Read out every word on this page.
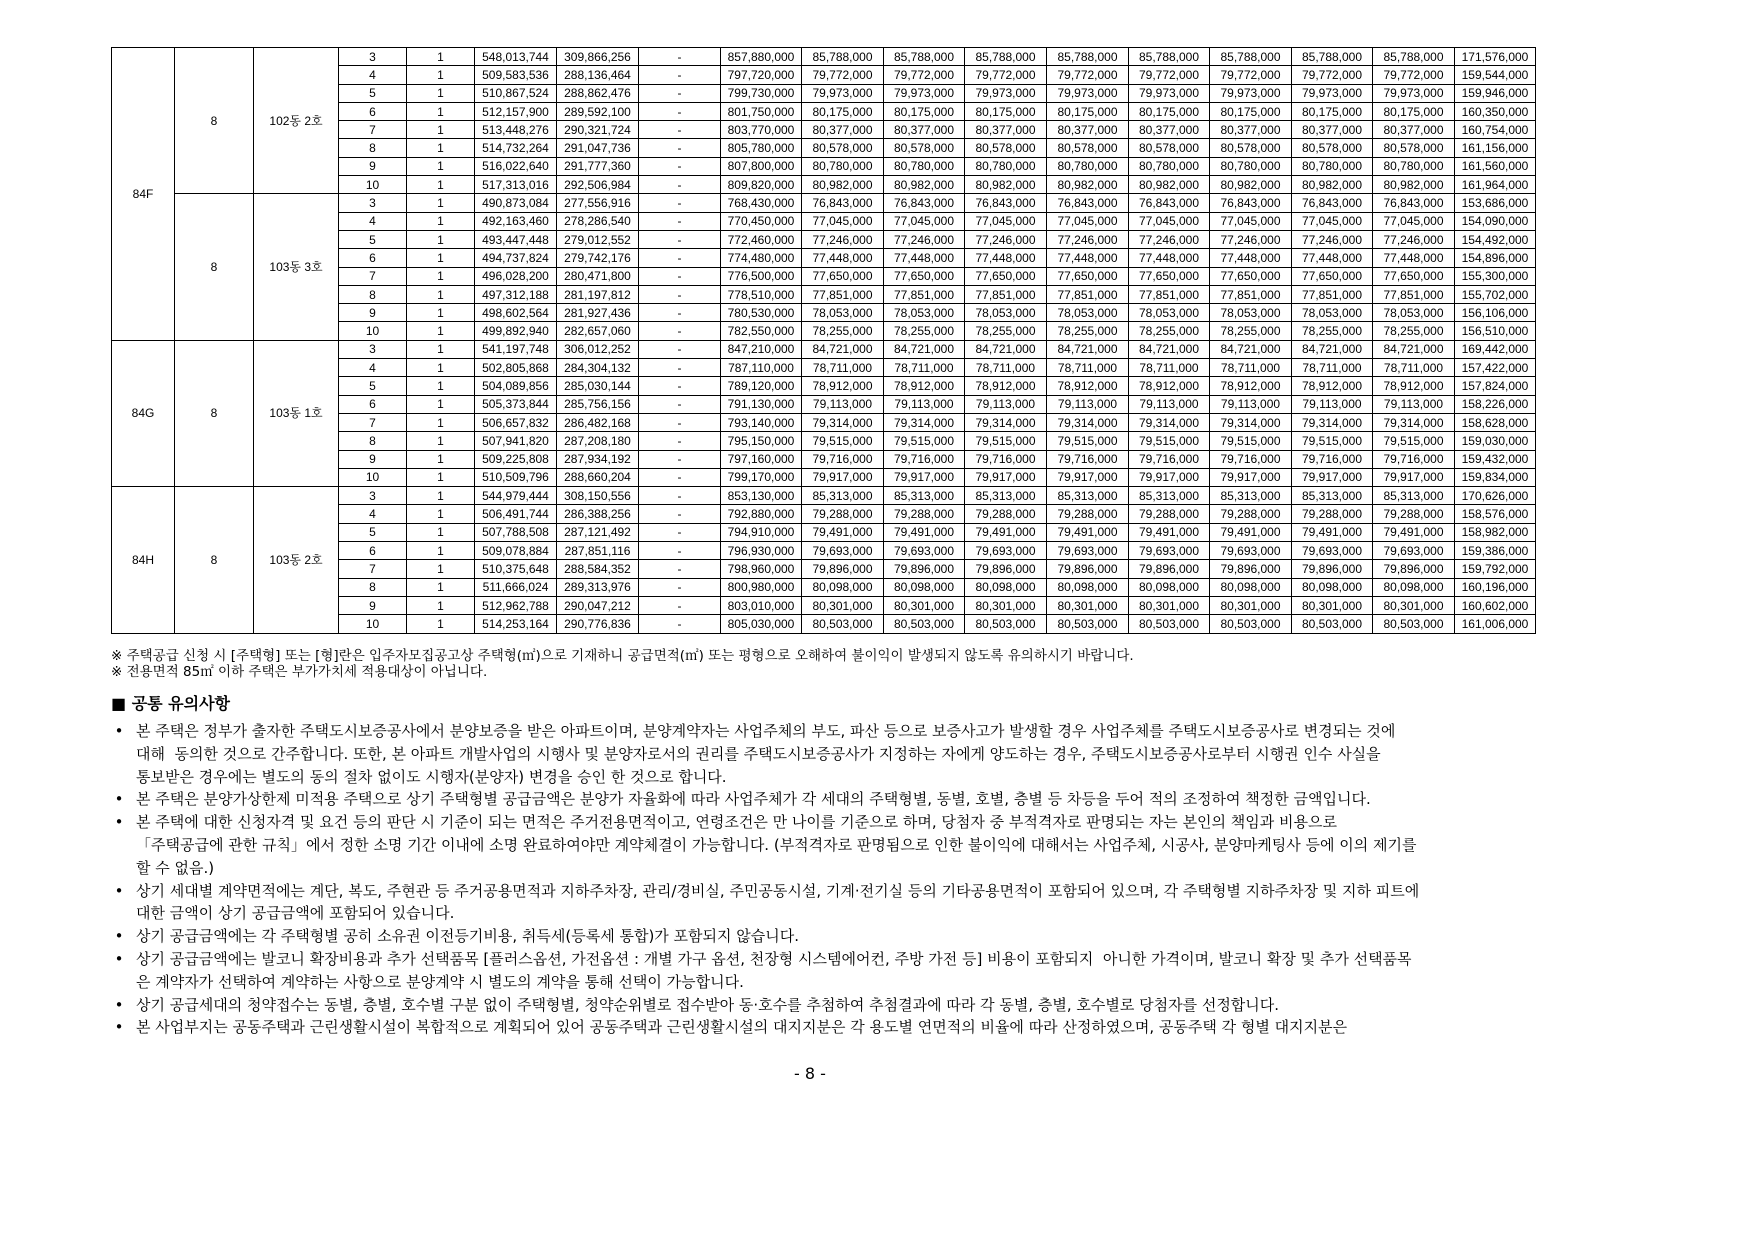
84F	8	102동 2호	3	1	548,013,744	309,866,256	-	857,880,000	85,788,000	85,788,000	85,788,000	85,788,000	85,788,000	85,788,000	85,788,000	85,788,000	171,576,000
			4	1	509,583,536	288,136,464	-	797,720,000	79,772,000	79,772,000	79,772,000	79,772,000	79,772,000	79,772,000	79,772,000	79,772,000	159,544,000
			5	1	510,867,524	288,862,476	-	799,730,000	79,973,000	79,973,000	79,973,000	79,973,000	79,973,000	79,973,000	79,973,000	79,973,000	159,946,000
			6	1	512,157,900	289,592,100	-	801,750,000	80,175,000	80,175,000	80,175,000	80,175,000	80,175,000	80,175,000	80,175,000	80,175,000	160,350,000
			7	1	513,448,276	290,321,724	-	803,770,000	80,377,000	80,377,000	80,377,000	80,377,000	80,377,000	80,377,000	80,377,000	80,377,000	160,754,000
			8	1	514,732,264	291,047,736	-	805,780,000	80,578,000	80,578,000	80,578,000	80,578,000	80,578,000	80,578,000	80,578,000	80,578,000	161,156,000
			9	1	516,022,640	291,777,360	-	807,800,000	80,780,000	80,780,000	80,780,000	80,780,000	80,780,000	80,780,000	80,780,000	80,780,000	161,560,000
			10	1	517,313,016	292,506,984	-	809,820,000	80,982,000	80,982,000	80,982,000	80,982,000	80,982,000	80,982,000	80,982,000	80,982,000	161,964,000
	8	103동 3호	3	1	490,873,084	277,556,916	-	768,430,000	76,843,000	76,843,000	76,843,000	76,843,000	76,843,000	76,843,000	76,843,000	76,843,000	153,686,000
			4	1	492,163,460	278,286,540	-	770,450,000	77,045,000	77,045,000	77,045,000	77,045,000	77,045,000	77,045,000	77,045,000	77,045,000	154,090,000
			5	1	493,447,448	279,012,552	-	772,460,000	77,246,000	77,246,000	77,246,000	77,246,000	77,246,000	77,246,000	77,246,000	77,246,000	154,492,000
			6	1	494,737,824	279,742,176	-	774,480,000	77,448,000	77,448,000	77,448,000	77,448,000	77,448,000	77,448,000	77,448,000	77,448,000	154,896,000
			7	1	496,028,200	280,471,800	-	776,500,000	77,650,000	77,650,000	77,650,000	77,650,000	77,650,000	77,650,000	77,650,000	77,650,000	155,300,000
			8	1	497,312,188	281,197,812	-	778,510,000	77,851,000	77,851,000	77,851,000	77,851,000	77,851,000	77,851,000	77,851,000	77,851,000	155,702,000
			9	1	498,602,564	281,927,436	-	780,530,000	78,053,000	78,053,000	78,053,000	78,053,000	78,053,000	78,053,000	78,053,000	78,053,000	156,106,000
			10	1	499,892,940	282,657,060	-	782,550,000	78,255,000	78,255,000	78,255,000	78,255,000	78,255,000	78,255,000	78,255,000	78,255,000	156,510,000
84G	8	103동 1호	3	1	541,197,748	306,012,252	-	847,210,000	84,721,000	84,721,000	84,721,000	84,721,000	84,721,000	84,721,000	84,721,000	84,721,000	169,442,000
			4	1	502,805,868	284,304,132	-	787,110,000	78,711,000	78,711,000	78,711,000	78,711,000	78,711,000	78,711,000	78,711,000	78,711,000	157,422,000
			5	1	504,089,856	285,030,144	-	789,120,000	78,912,000	78,912,000	78,912,000	78,912,000	78,912,000	78,912,000	78,912,000	78,912,000	157,824,000
			6	1	505,373,844	285,756,156	-	791,130,000	79,113,000	79,113,000	79,113,000	79,113,000	79,113,000	79,113,000	79,113,000	79,113,000	158,226,000
			7	1	506,657,832	286,482,168	-	793,140,000	79,314,000	79,314,000	79,314,000	79,314,000	79,314,000	79,314,000	79,314,000	79,314,000	158,628,000
			8	1	507,941,820	287,208,180	-	795,150,000	79,515,000	79,515,000	79,515,000	79,515,000	79,515,000	79,515,000	79,515,000	79,515,000	159,030,000
			9	1	509,225,808	287,934,192	-	797,160,000	79,716,000	79,716,000	79,716,000	79,716,000	79,716,000	79,716,000	79,716,000	79,716,000	159,432,000
			10	1	510,509,796	288,660,204	-	799,170,000	79,917,000	79,917,000	79,917,000	79,917,000	79,917,000	79,917,000	79,917,000	79,917,000	159,834,000
84H	8	103동 2호	3	1	544,979,444	308,150,556	-	853,130,000	85,313,000	85,313,000	85,313,000	85,313,000	85,313,000	85,313,000	85,313,000	85,313,000	170,626,000
			4	1	506,491,744	286,388,256	-	792,880,000	79,288,000	79,288,000	79,288,000	79,288,000	79,288,000	79,288,000	79,288,000	79,288,000	158,576,000
			5	1	507,788,508	287,121,492	-	794,910,000	79,491,000	79,491,000	79,491,000	79,491,000	79,491,000	79,491,000	79,491,000	79,491,000	158,982,000
			6	1	509,078,884	287,851,116	-	796,930,000	79,693,000	79,693,000	79,693,000	79,693,000	79,693,000	79,693,000	79,693,000	79,693,000	159,386,000
			7	1	510,375,648	288,584,352	-	798,960,000	79,896,000	79,896,000	79,896,000	79,896,000	79,896,000	79,896,000	79,896,000	79,896,000	159,792,000
			8	1	511,666,024	289,313,976	-	800,980,000	80,098,000	80,098,000	80,098,000	80,098,000	80,098,000	80,098,000	80,098,000	80,098,000	160,196,000
			9	1	512,962,788	290,047,212	-	803,010,000	80,301,000	80,301,000	80,301,000	80,301,000	80,301,000	80,301,000	80,301,000	80,301,000	160,602,000
			10	1	514,253,164	290,776,836	-	805,030,000	80,503,000	80,503,000	80,503,000	80,503,000	80,503,000	80,503,000	80,503,000	80,503,000	161,006,000
※ 주택공급 신청 시 [주택형] 또는 [형]란은 입주자모집공고상 주택형(㎡)으로 기재하니 공급면적(㎡) 또는 평형으로 오해하여 불이익이 발생되지 않도록 유의하시기 바랍니다.
※ 전용면적 85㎡ 이하 주택은 부가가치세 적용대상이 아닙니다.
■ 공통 유의사항
• 본 주택은 정부가 출자한 주택도시보증공사에서 분양보증을 받은 아파트이며, 분양계약자는 사업주체의 부도, 파산 등으로 보증사고가 발생할 경우 사업주체를 주택도시보증공사로 변경되는 것에
대해  동의한 것으로 간주합니다. 또한, 본 아파트 개발사업의 시행사 및 분양자로서의 권리를 주택도시보증공사가 지정하는 자에게 양도하는 경우, 주택도시보증공사로부터 시행권 인수 사실을
통보받은 경우에는 별도의 동의 절차 없이도 시행자(분양자) 변경을 승인 한 것으로 합니다.
• 본 주택은 분양가상한제 미적용 주택으로 상기 주택형별 공급금액은 분양가 자율화에 따라 사업주체가 각 세대의 주택형별, 동별, 호별, 층별 등 차등을 두어 적의 조정하여 책정한 금액입니다.
• 본 주택에 대한 신청자격 및 요건 등의 판단 시 기준이 되는 면적은 주거전용면적이고, 연령조건은 만 나이를 기준으로 하며, 당첨자 중 부적격자로 판명되는 자는 본인의 책임과 비용으로
「주택공급에 관한 규칙」에서 정한 소명 기간 이내에 소명 완료하여야만 계약체결이 가능합니다. (부적격자로 판명됨으로 인한 불이익에 대해서는 사업주체, 시공사, 분양마케팅사 등에 이의 제기를
할 수 없음.)
• 상기 세대별 계약면적에는 계단, 복도, 주현관 등 주거공용면적과 지하주차장, 관리/경비실, 주민공동시설, 기계·전기실 등의 기타공용면적이 포함되어 있으며, 각 주택형별 지하주차장 및 지하 피트에
대한 금액이 상기 공급금액에 포함되어 있습니다.
• 상기 공급금액에는 각 주택형별 공히 소유권 이전등기비용, 취득세(등록세 통합)가 포함되지 않습니다.
• 상기 공급금액에는 발코니 확장비용과 추가 선택품목 [플러스옵션, 가전옵션 : 개별 가구 옵션, 천장형 시스템에어컨, 주방 가전 등] 비용이 포함되지  아니한 가격이며, 발코니 확장 및 추가 선택품목
은 계약자가 선택하여 계약하는 사항으로 분양계약 시 별도의 계약을 통해 선택이 가능합니다.
• 상기 공급세대의 청약접수는 동별, 층별, 호수별 구분 없이 주택형별, 청약순위별로 접수받아 동·호수를 추첨하여 추첨결과에 따라 각 동별, 층별, 호수별로 당첨자를 선정합니다.
• 본 사업부지는 공동주택과 근린생활시설이 복합적으로 계획되어 있어 공동주택과 근린생활시설의 대지지분은 각 용도별 연면적의 비율에 따라 산정하였으며, 공동주택 각 형별 대지지분은
- 8 -
